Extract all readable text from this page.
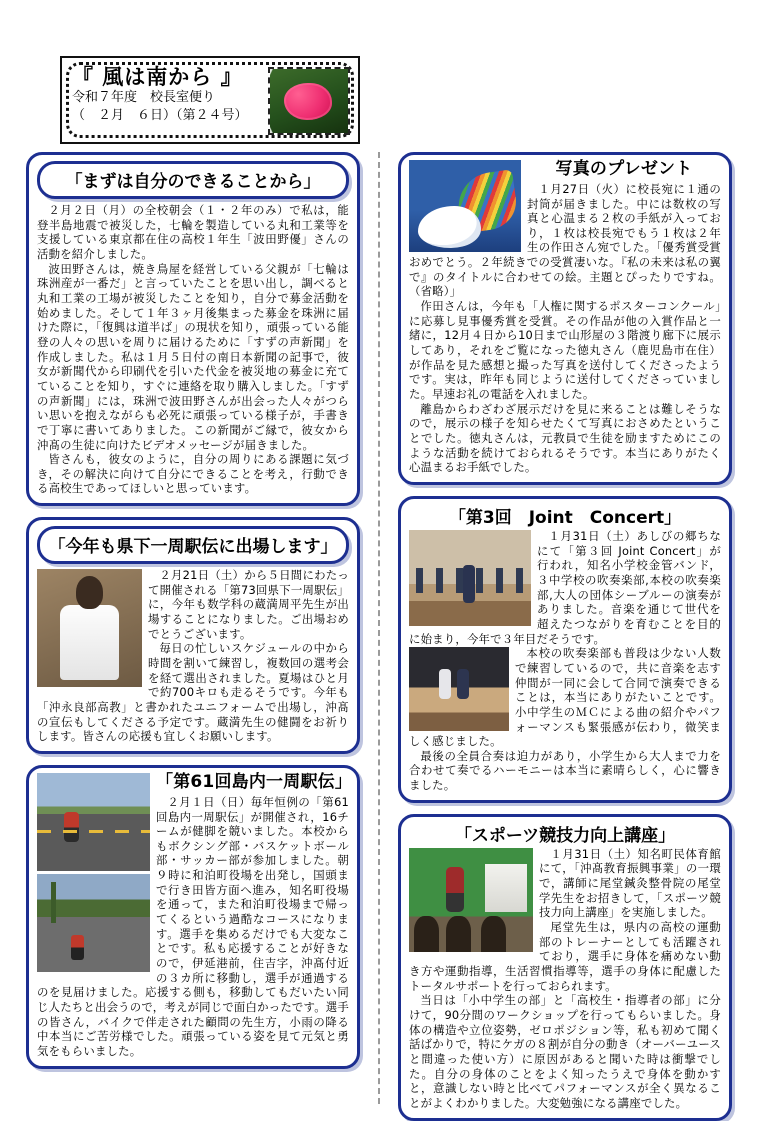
『 風は南から 』
令和７年度　校長室便り
（　２月　６日）（第２４号）
「まずは自分のできることから」

２月２日（月）の全校朝会（１・２年のみ）で私は，能登半島地震で被災した，七輪を製造している丸和工業等を支援している東京都在住の高校１年生「波田野優」さんの活動を紹介しました。

波田野さんは，焼き鳥屋を経営している父親が「七輪は珠洲産が一番だ」と言っていたことを思い出し，調べると丸和工業の工場が被災したことを知り，自分で募金活動を始めました。そして１年３ヶ月後集まった募金を珠洲に届けた際に，「復興は道半ば」の現状を知り，頑張っている能登の人々の思いを周りに届けるために「すずの声新聞」を作成しました。私は１月５日付の南日本新聞の記事で，彼女が新聞代から印刷代を引いた代金を被災地の募金に充てていることを知り，すぐに連絡を取り購入しました。「すずの声新聞」には，珠洲で波田野さんが出会った人々がつらい思いを抱えながらも必死に頑張っている様子が，手書きで丁寧に書いてありました。この新聞がご縁で，彼女から沖髙の生徒に向けたビデオメッセージが届きました。

皆さんも，彼女のように，自分の周りにある課題に気づき，その解決に向けて自分にできることを考え，行動できる高校生であってほしいと思っています。

「今年も県下一周駅伝に出場します」

２月21日（土）から５日間にわたって開催される「第73回県下一周駅伝」に，今年も数学科の蔵満周平先生が出場することになりました。ご出場おめでとうございます。

毎日の忙しいスケジュールの中から時間を割いて練習し，複数回の選考会を経て選出されました。夏場はひと月で約700キロも走るそうです。今年も「沖永良部高教」と書かれたユニフォームで出場し，沖髙の宣伝もしてくださる予定です。蔵満先生の健闘をお祈りします。皆さんの応援も宜しくお願いします。

「第61回島内一周駅伝」

２月１日（日）毎年恒例の「第61回島内一周駅伝」が開催され，16チームが健脚を競いました。本校からもボクシング部・バスケットボール部・サッカー部が参加しました。朝９時に和泊町役場を出発し，国頭まで行き田皆方面へ進み，知名町役場を通って，また和泊町役場まで帰ってくるという過酷なコースになります。選手を集めるだけでも大変なことです。私も応援することが好きなので，伊延港前，住吉字，沖髙付近の３カ所に移動し，選手が通過するのを見届けました。応援する側も，移動してもだいたい同じ人たちと出会うので，考えが同じで面白かったです。選手の皆さん，バイクで伴走された顧問の先生方，小雨の降る中本当にご苦労様でした。頑張っている姿を見て元気と勇気をもらいました。

写真のプレゼント

１月27日（火）に校長宛に１通の封筒が届きました。中には数枚の写真と心温まる２枚の手紙が入っており，１枚は校長宛でもう１枚は２年生の作田さん宛でした。「優秀賞受賞おめでとう。２年続きでの受賞凄いな。『私の未来は私の翼で』のタイトルに合わせての絵。主題とぴったりですね。（省略）」

作田さんは，今年も「人権に関するポスターコンクール」に応募し見事優秀賞を受賞。その作品が他の入賞作品と一緒に，12月４日から10日まで山形屋の３階渡り廊下に展示してあり，それをご覧になった徳丸さん（鹿児島市在住）が作品を見た感想と撮った写真を送付してくださったようです。実は，昨年も同じように送付してくださっていました。早速お礼の電話を入れました。

離島からわざわざ展示だけを見に来ることは難しそうなので，展示の様子を知らせたくて写真におさめたということでした。徳丸さんは，元教員で生徒を励ますためにこのような活動を続けておられるそうです。本当にありがたく心温まるお手紙でした。

「第3回　Joint　Concert」

１月31日（土）あしびの郷ちなにて「第３回 Joint Concert」が行われ，知名小学校金管バンド，３中学校の吹奏楽部,本校の吹奏楽部,大人の団体シーブルーの演奏がありました。音楽を通じて世代を超えたつながりを育むことを目的に始まり，今年で３年目だそうです。

本校の吹奏楽部も普段は少ない人数で練習しているので，共に音楽を志す仲間が一同に会して合同で演奏できることは，本当にありがたいことです。小中学生のＭＣによる曲の紹介やパフォーマンスも緊張感が伝わり，微笑ましく感じました。

最後の全員合奏は迫力があり，小学生から大人まで力を合わせて奏でるハーモニーは本当に素晴らしく，心に響きました。

「スポーツ競技力向上講座」

１月31日（土）知名町民体育館にて，「沖髙教育振興事業」の一環で，講師に尾堂鍼灸整骨院の尾堂学先生をお招きして，「スポーツ競技力向上講座」を実施しました。

尾堂先生は，県内の高校の運動部のトレーナーとしても活躍されており，選手に身体を痛めない動き方や運動指導，生活習慣指導等，選手の身体に配慮したトータルサポートを行っておられます。

当日は「小中学生の部」と「高校生・指導者の部」に分けて，90分間のワークショップを行ってもらいました。身体の構造や立位姿勢，ゼロポジション等，私も初めて聞く話ばかりで，特にケガの８割が自分の動き（オーバーユースと間違った使い方）に原因があると聞いた時は衝撃でした。自分の身体のことをよく知ったうえで身体を動かすと，意識しない時と比べてパフォーマンスが全く異なることがよくわかりました。大変勉強になる講座でした。
